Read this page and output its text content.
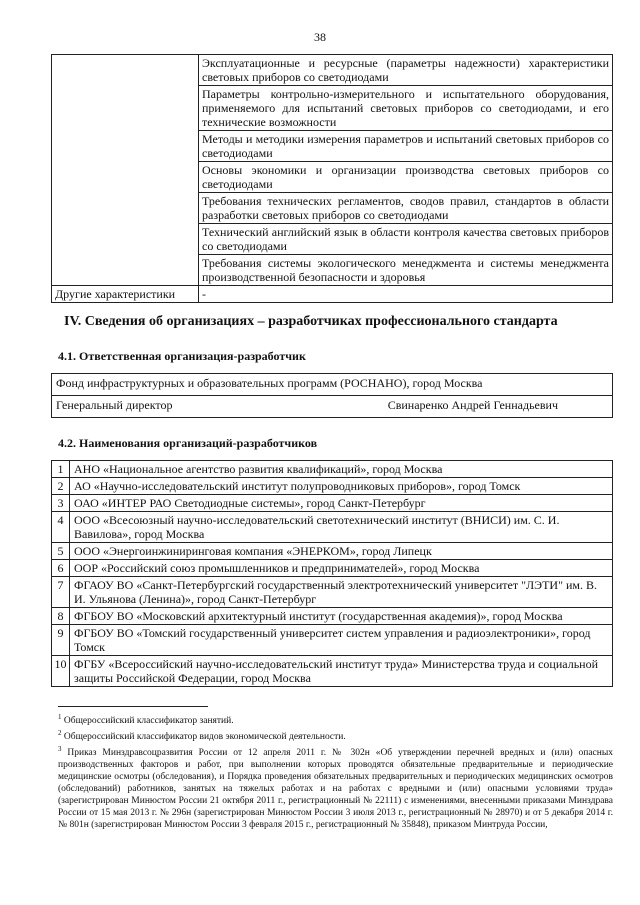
38
	Эксплуатационные и ресурсные (параметры надежности) характеристики световых приборов со светодиодами
	Параметры контрольно-измерительного и испытательного оборудования, применяемого для испытаний световых приборов со светодиодами, и его технические возможности
	Методы и методики измерения параметров и испытаний световых приборов со светодиодами
	Основы экономики и организации производства световых приборов со светодиодами
	Требования технических регламентов, сводов правил, стандартов в области разработки световых приборов со светодиодами
	Технический английский язык в области контроля качества световых приборов со светодиодами
	Требования системы экологического менеджмента и системы менеджмента производственной безопасности и здоровья
Другие характеристики	-
IV. Сведения об организациях – разработчиках профессионального стандарта
4.1. Ответственная организация-разработчик
Фонд инфраструктурных и образовательных программ (РОСНАНО), город Москва

Генеральный директор	Свинаренко Андрей Геннадьевич
4.2. Наименования организаций-разработчиков
1	АНО «Национальное агентство развития квалификаций», город Москва
2	АО «Научно-исследовательский институт полупроводниковых приборов», город Томск
3	ОАО «ИНТЕР РАО Светодиодные системы», город Санкт-Петербург
4	ООО «Всесоюзный научно-исследовательский светотехнический институт (ВНИСИ) им. С. И. Вавилова», город Москва
5	ООО «Энергоинжиниринговая компания «ЭНЕРКОМ», город Липецк
6	ООР «Российский союз промышленников и предпринимателей», город Москва
7	ФГАОУ ВО «Санкт-Петербургский государственный электротехнический университет "ЛЭТИ" им. В. И. Ульянова (Ленина)», город Санкт-Петербург
8	ФГБОУ ВО «Московский архитектурный институт (государственная академия)», город Москва
9	ФГБОУ ВО «Томский государственный университет систем управления и радиоэлектроники», город Томск
10	ФГБУ «Всероссийский научно-исследовательский институт труда» Министерства труда и социальной защиты Российской Федерации, город Москва

$^1$ Общероссийский классификатор занятий.

$^2$ Общероссийский классификатор видов экономической деятельности.

$^3$ Приказ Минздравсоцразвития России от 12 апреля 2011 г. № 302н «Об утверждении перечней вредных и (или) опасных производственных факторов и работ, при выполнении которых проводятся обязательные предварительные и периодические медицинские осмотры (обследования), и Порядка проведения обязательных предварительных и периодических медицинских осмотров (обследований) работников, занятых на тяжелых работах и на работах с вредными и (или) опасными условиями труда» (зарегистрирован Минюстом России 21 октября 2011 г., регистрационный № 22111) с изменениями, внесенными приказами Минздрава России от 15 мая 2013 г. № 296н (зарегистрирован Минюстом России 3 июля 2013 г., регистрационный № 28970) и от 5 декабря 2014 г. № 801н (зарегистрирован Минюстом России 3 февраля 2015 г., регистрационный № 35848), приказом Минтруда России,
